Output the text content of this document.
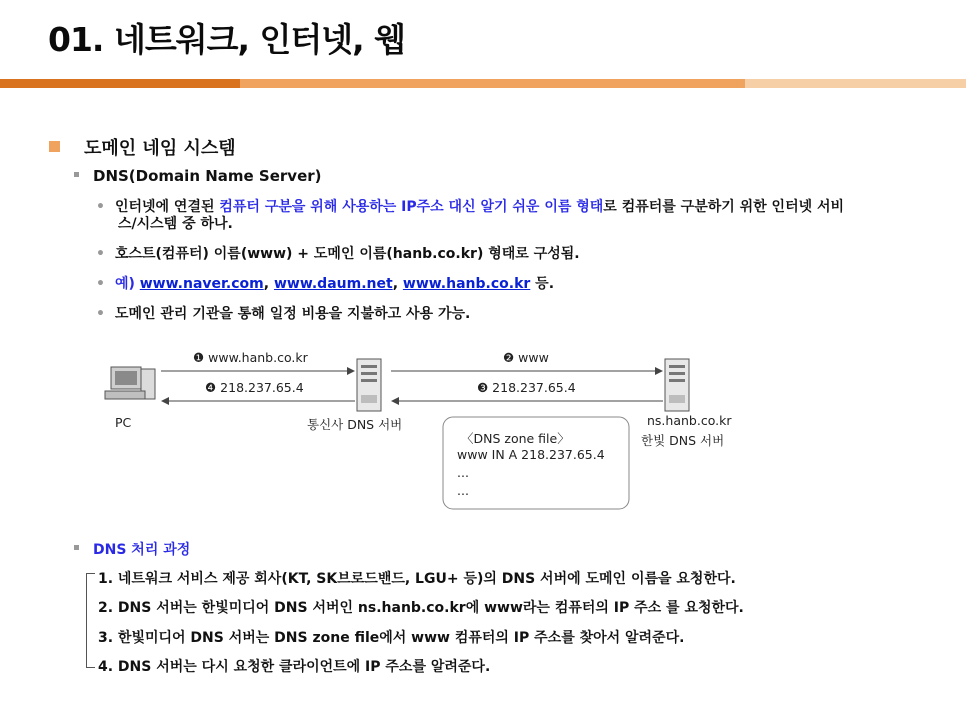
01. 네트워크, 인터넷, 웹
도메인 네임 시스템
DNS(Domain Name Server)
• 인터넷에 연결된 컴퓨터 구분을 위해 사용하는 IP주소 대신 알기 쉬운 이름 형태로 컴퓨터를 구분하기 위한 인터넷 서비
스/시스템 중 하나.
• 호스트(컴퓨터) 이름(www) + 도메인 이름(hanb.co.kr) 형태로 구성됨.
• 예) www.naver.com, www.daum.net, www.hanb.co.kr 등.
• 도메인 관리 기관을 통해 일정 비용을 지불하고 사용 가능.
❶ www.hanb.co.kr	❷ www
❸ 218.237.65.4
❹ 218.237.65.4
PC	통신사 DNS 서버	ns.hanb.co.kr
한빛 DNS 서버
〈DNS zone file〉
www IN A 218.237.65.4
...
...
DNS 처리 과정
1. 네트워크 서비스 제공 회사(KT, SK브로드밴드, LGU+ 등)의 DNS 서버에 도메인 이름을 요청한다.
2. DNS 서버는 한빛미디어 DNS 서버인 ns.hanb.co.kr에 www라는 컴퓨터의 IP 주소 를 요청한다.
3. 한빛미디어 DNS 서버는 DNS zone file에서 www 컴퓨터의 IP 주소를 찾아서 알려준다.
4. DNS 서버는 다시 요청한 클라이언트에 IP 주소를 알려준다.
